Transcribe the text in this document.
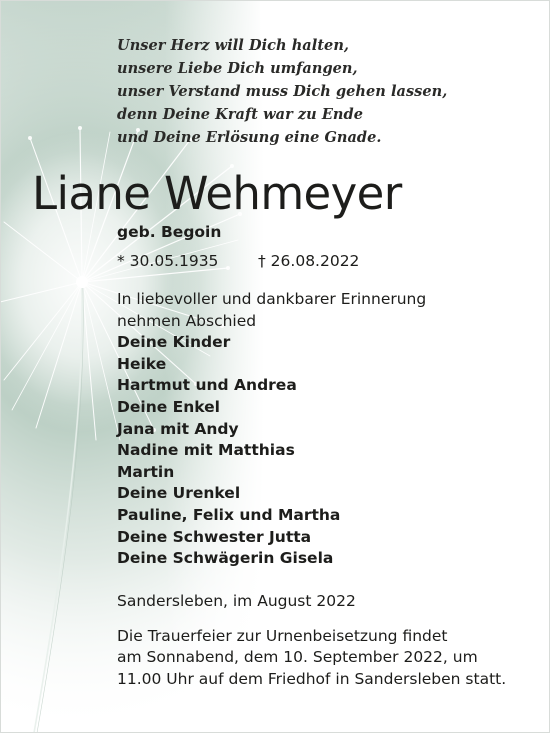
Unser Herz will Dich halten,
unsere Liebe Dich umfangen,
unser Verstand muss Dich gehen lassen,
denn Deine Kraft war zu Ende
und Deine Erlösung eine Gnade.
Liane Wehmeyer
geb. Begoin
* 30.05.1935	† 26.08.2022
In liebevoller und dankbarer Erinnerung
nehmen Abschied
Deine Kinder
Heike
Hartmut und Andrea
Deine Enkel
Jana mit Andy
Nadine mit Matthias
Martin
Deine Urenkel
Pauline, Felix und Martha
Deine Schwester Jutta
Deine Schwägerin Gisela
Sandersleben, im August 2022
Die Trauerfeier zur Urnenbeisetzung findet
am Sonnabend, dem 10. September 2022, um
11.00 Uhr auf dem Friedhof in Sandersleben statt.
